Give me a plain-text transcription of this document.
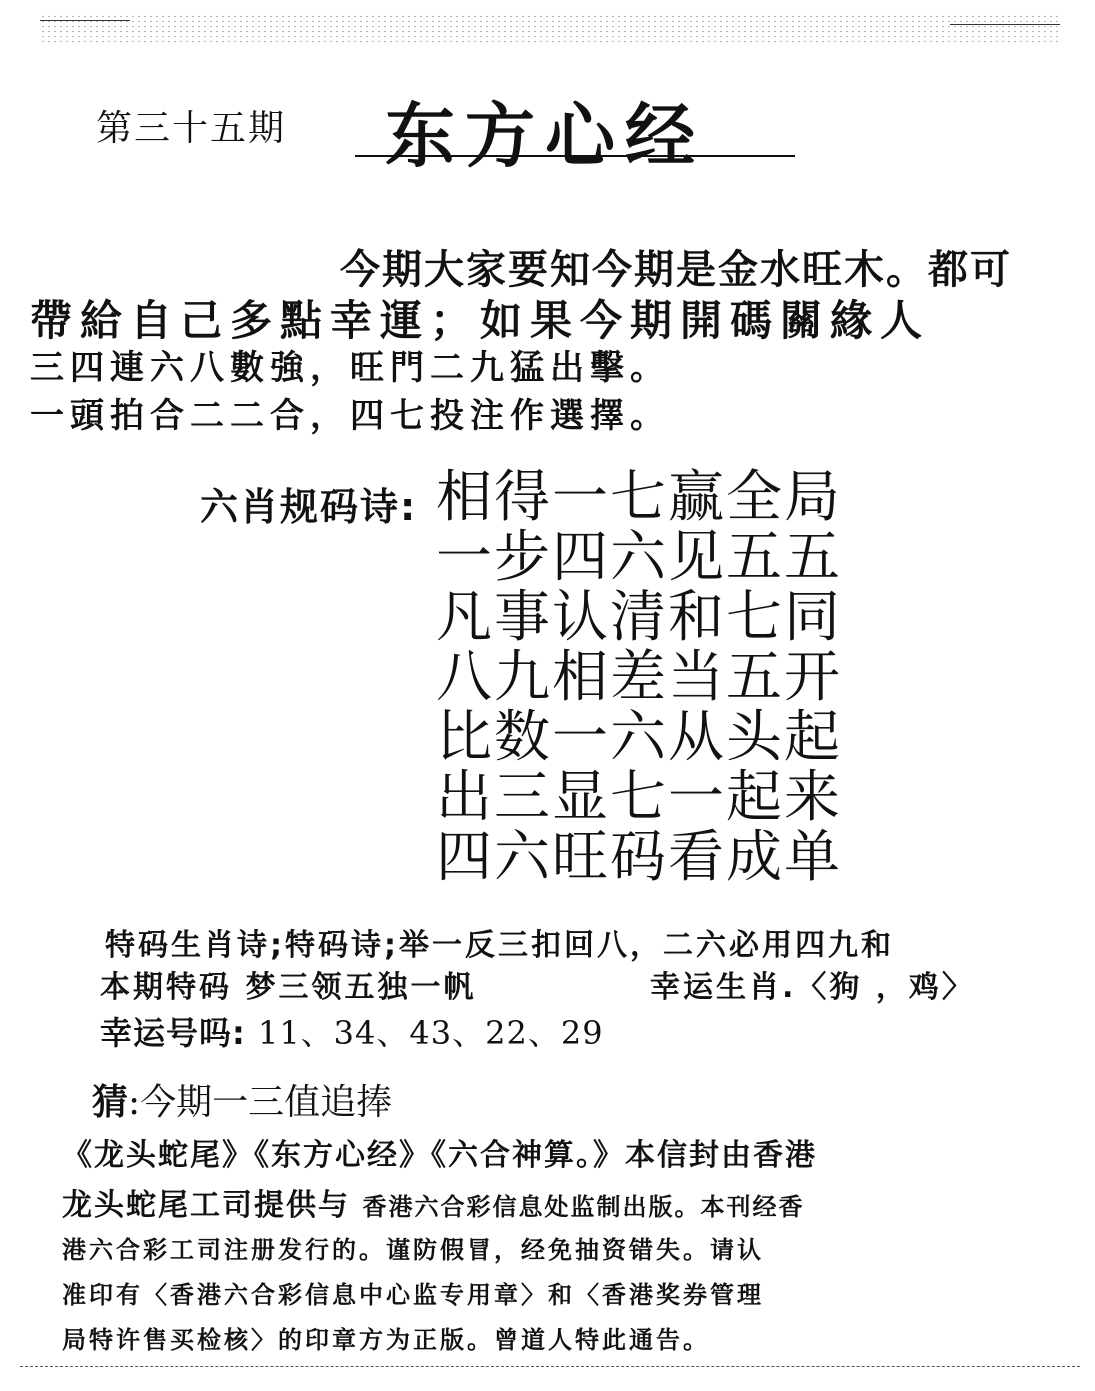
第三十五期 东方心经
今期大家要知今期是金水旺木。都可
帶給自己多點幸運；如果今期開碼關緣人
三四連六八數強，旺門二九猛出擊。
一頭拍合二二合，四七投注作選擇。
六肖规码诗: 相得一七赢全局
一步四六见五五
凡事认清和七同
八九相差当五开
比数一六从头起
出三显七一起来
四六旺码看成单
特码生肖诗;特码诗;举一反三扣回八，二六必用四九和
本期特码 梦三领五独一帆	幸运生肖.〈狗 ，鸡〉
幸运号吗: 11、34、43、22、29
猜:今期一三值追捧
《龙头蛇尾》《东方心经》《六合神算。》本信封由香港
龙头蛇尾工司提供与 香港六合彩信息处监制出版。本刊经香
港六合彩工司注册发行的。谨防假冒，经免抽资错失。请认
准印有〈香港六合彩信息中心监专用章〉和〈香港奖券管理
局特许售买检核〉的印章方为正版。曾道人特此通告。
